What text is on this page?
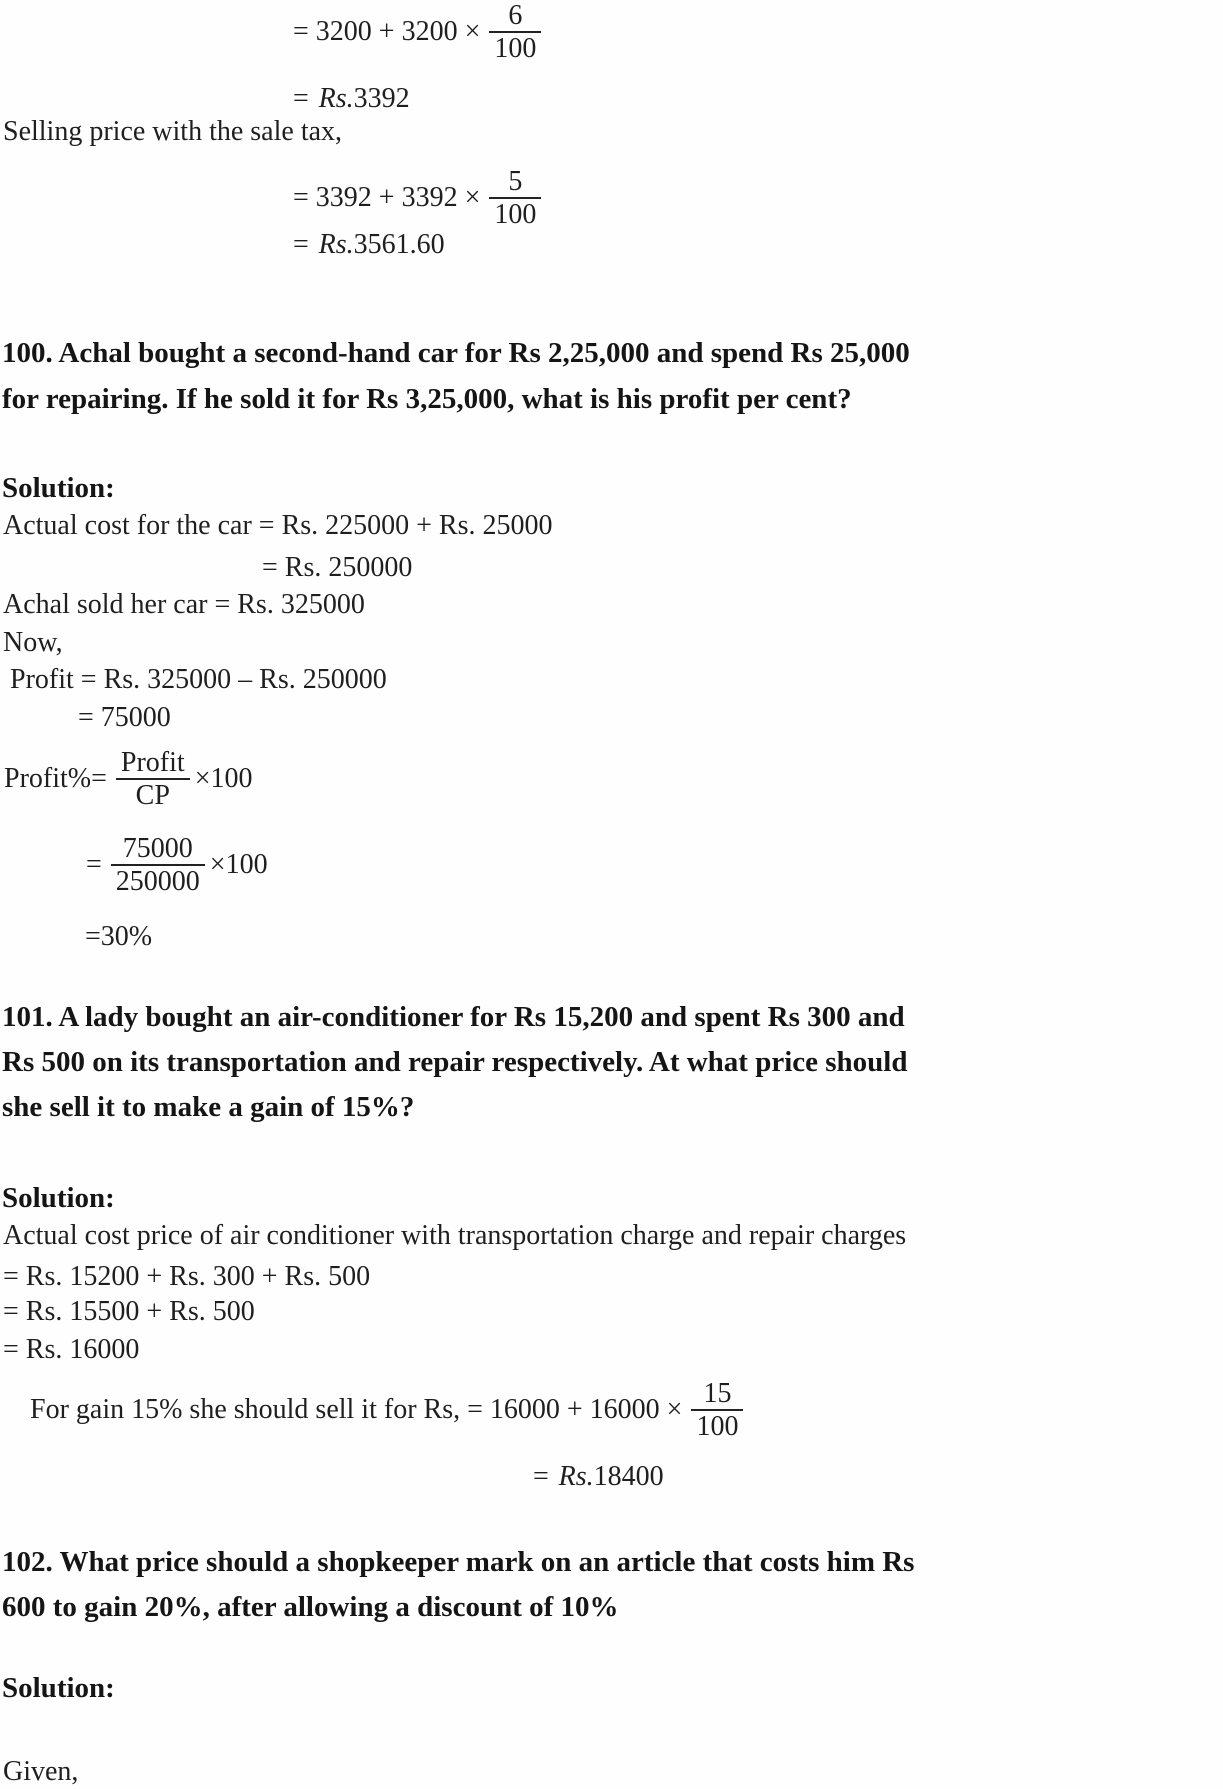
= $3200 + 3200 \times \frac{6}{100}$
= Rs.3392
Selling price with the sale tax,
= $3392 + 3392 \times \frac{5}{100}$
= Rs.3561.60
100. Achal bought a second-hand car for Rs 2,25,000 and spend Rs 25,000
for repairing. If he sold it for Rs 3,25,000, what is his profit per cent?
Solution:
Actual cost for the car = Rs. 225000 + Rs. 25000
= Rs. 250000
Achal sold her car = Rs. 325000
Now,
Profit = Rs. 325000 – Rs. 250000
= 75000
Profit%= $\frac{\text{Profit}}{CP} \times 100$
= $\frac{75000}{250000} \times 100$
=30%
101. A lady bought an air-conditioner for Rs 15,200 and spent Rs 300 and
Rs 500 on its transportation and repair respectively. At what price should
she sell it to make a gain of 15%?
Solution:
Actual cost price of air conditioner with transportation charge and repair charges
= Rs. 15200 + Rs. 300 + Rs. 500
= Rs. 15500 + Rs. 500
= Rs. 16000
For gain 15% she should sell it for Rs, = $16000 + 16000 \times \frac{15}{100}$
= Rs.18400
102. What price should a shopkeeper mark on an article that costs him Rs
600 to gain 20%, after allowing a discount of 10%
Solution:
Given,
